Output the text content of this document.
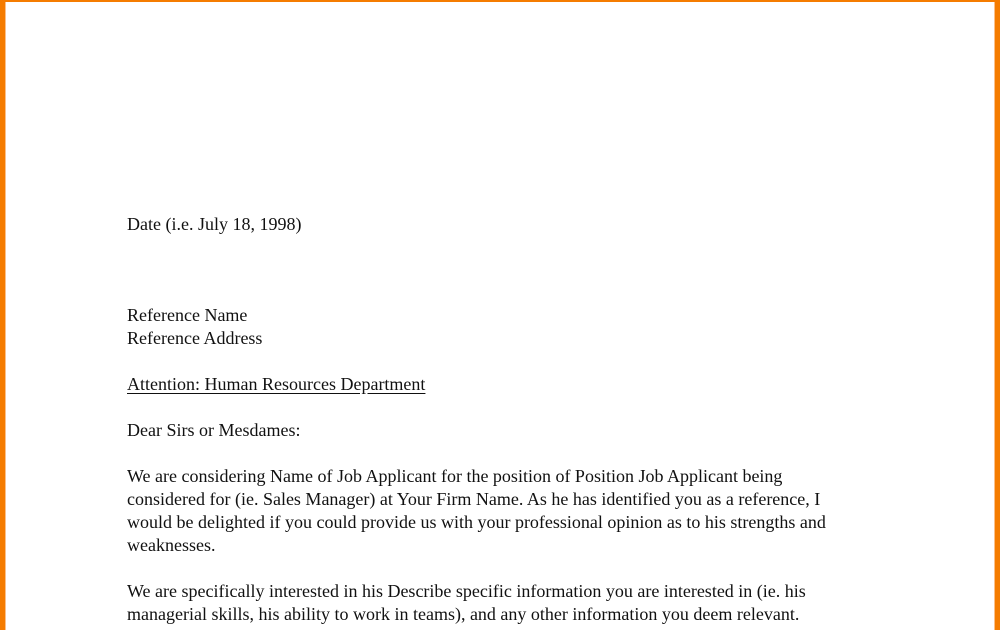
Date (i.e. July 18, 1998)
Reference Name
Reference Address
Attention: Human Resources Department
Dear Sirs or Mesdames:
We are considering Name of Job Applicant for the position of Position Job Applicant being
considered for (ie. Sales Manager) at Your Firm Name. As he has identified you as a reference, I
would be delighted if you could provide us with your professional opinion as to his strengths and
weaknesses.
We are specifically interested in his Describe specific information you are interested in (ie. his
managerial skills, his ability to work in teams), and any other information you deem relevant.
